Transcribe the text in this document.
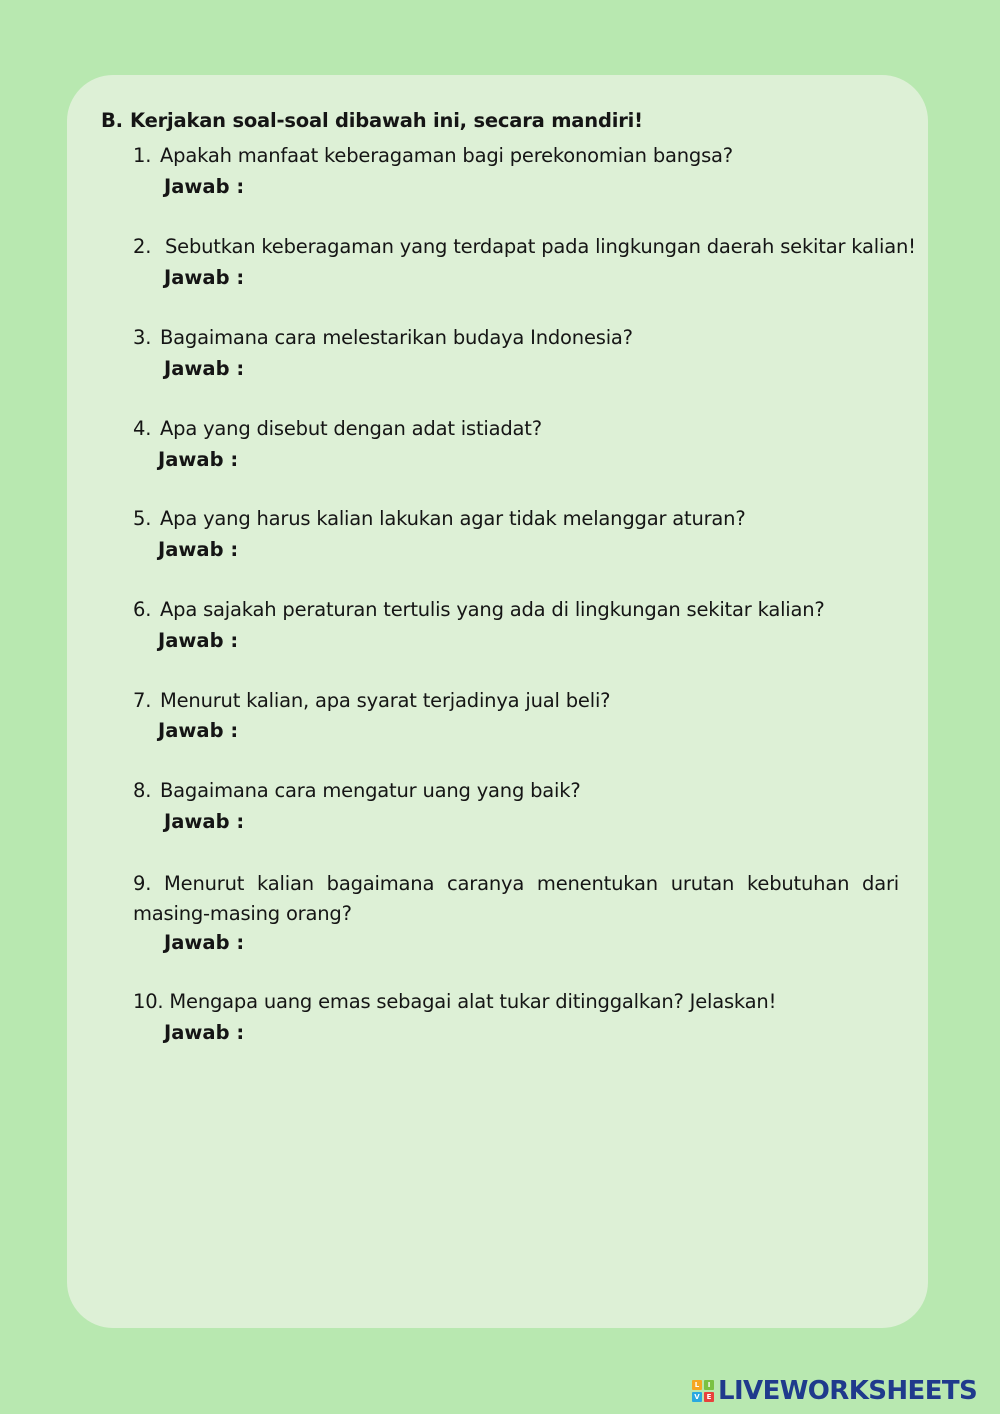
B. Kerjakan soal-soal dibawah ini, secara mandiri!
1. Apakah manfaat keberagaman bagi perekonomian bangsa?
Jawab :
2. Sebutkan keberagaman yang terdapat pada lingkungan daerah sekitar kalian!
Jawab :
3. Bagaimana cara melestarikan budaya Indonesia?
Jawab :
4. Apa yang disebut dengan adat istiadat?
Jawab :
5. Apa yang harus kalian lakukan agar tidak melanggar aturan?
Jawab :
6. Apa sajakah peraturan tertulis yang ada di lingkungan sekitar kalian?
Jawab :
7. Menurut kalian, apa syarat terjadinya jual beli?
Jawab :
8. Bagaimana cara mengatur uang yang baik?
Jawab :
9. Menurut kalian bagaimana caranya menentukan urutan kebutuhan dari masing-masing orang?
Jawab :
10. Mengapa uang emas sebagai alat tukar ditinggalkan? Jelaskan!
Jawab :
L	I
V E LIVEWORKSHEETS
